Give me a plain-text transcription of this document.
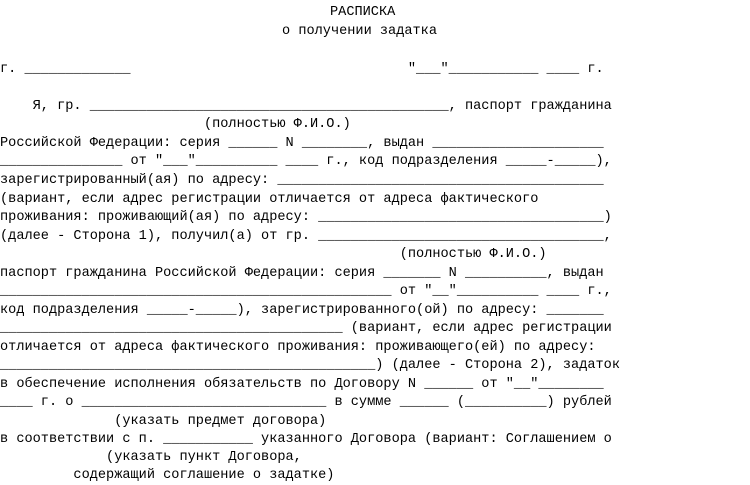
РАСПИСКА

о получении задатка

г. _____________                                  "___"___________ ____ г.

Я, гр. ____________________________________________, паспорт гражданина

(полностью Ф.И.О.)

Российской Федерации: серия ______ N ________, выдан _____________________

_______________ от "___"__________ ____ г., код подразделения _____-_____),

зарегистрированный(ая) по адресу: ________________________________________

(вариант, если адрес регистрации отличается от адреса фактического

проживания: проживающий(ая) по адресу: ___________________________________)

(далее - Сторона 1), получил(а) от гр. ___________________________________,

(полностью Ф.И.О.)

паспорт гражданина Российской Федерации: серия _______ N __________, выдан

________________________________________________ от "__"__________ ____ г.,

код подразделения _____-_____), зарегистрированного(ой) по адресу: _______

__________________________________________ (вариант, если адрес регистрации

отличается от адреса фактического проживания: проживающего(ей) по адресу:

______________________________________________) (далее - Сторона 2), задаток

в обеспечение исполнения обязательств по Договору N ______ от "__"________

____ г. о ______________________________ в сумме ______ (__________) рублей

(указать предмет договора)

в соответствии с п. ___________ указанного Договора (вариант: Соглашением о

(указать пункт Договора,

содержащий соглашение о задатке)
